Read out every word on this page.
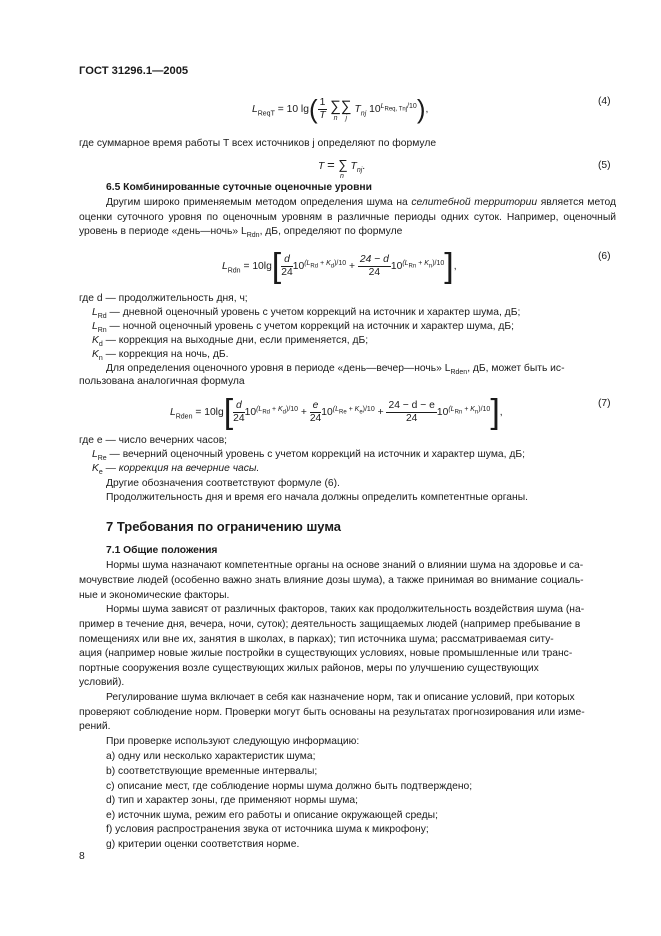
ГОСТ 31296.1—2005
$L_{ReqT} = 10$ $\lg( \frac{1}{T}$ ∑
n
∑
j
$T_{nj}$ $10^{L_{Req, Tnj}/10}$),
(4)
где суммарное время работы T всех источников j определяют по формуле
T = ∑ $T_{nj}$.
n
(5)
6.5 Комбинированные суточные оценочные уровни
Другим широко применяемым методом определения шума на селитебной территории является метод оценки суточного уровня по оценочным уровням в различные периоды одних суток. Например, оценочный уровень в периоде «день—ночь» $L_{Rdn}$, дБ, определяют по формуле
$L_{Rdn} = 10\lg[ \frac{d}{24} 10^{(L_{Rd} + K_d)/10} + \frac{24 - d}{24} 10^{(L_{Rn} + K_n)/10}]$,
(6)
где d — продолжительность дня, ч;
$L_{Rd}$ — дневной оценочный уровень с учетом коррекций на источник и характер шума, дБ;
$L_{Rn}$ — ночной оценочный уровень с учетом коррекций на источник и характер шума, дБ;
$K_d$ — коррекция на выходные дни, если применяется, дБ;
$K_n$ — коррекция на ночь, дБ.
Для определения оценочного уровня в периоде «день—вечер—ночь» $L_{Rden}$, дБ, может быть ис-
пользована аналогичная формула
$L_{Rden} = 10\lg[ \frac{d}{24} 10^{(L_{Rd} + K_d)/10} + \frac{e}{24} 10^{(L_{Re} + K_e)/10} + \frac{24 - d - e}{24} 10^{(L_{Rn} + K_n)/10}]$,
(7)
где e — число вечерних часов;
$L_{Re}$ — вечерний оценочный уровень с учетом коррекций на источник и характер шума, дБ;
$K_e$ — коррекция на вечерние часы.
Другие обозначения соответствуют формуле (6).
Продолжительность дня и время его начала должны определить компетентные органы.
7 Требования по ограничению шума
7.1 Общие положения
Нормы шума назначают компетентные органы на основе знаний о влиянии шума на здоровье и са-
мочувствие людей (особенно важно знать влияние дозы шума), а также принимая во внимание социаль-
ные и экономические факторы.
Нормы шума зависят от различных факторов, таких как продолжительность воздействия шума (на-
пример в течение дня, вечера, ночи, суток); деятельность защищаемых людей (например пребывание в
помещениях или вне их, занятия в школах, в парках); тип источника шума; рассматриваемая ситу-
ация (например новые жилые постройки в существующих условиях, новые промышленные или транс-
портные сооружения возле существующих жилых районов, меры по улучшению существующих
условий).
Регулирование шума включает в себя как назначение норм, так и описание условий, при которых
проверяют соблюдение норм. Проверки могут быть основаны на результатах прогнозирования или изме-
рений.
При проверке используют следующую информацию:
а) одну или несколько характеристик шума;
b) соответствующие временные интервалы;
c) описание мест, где соблюдение нормы шума должно быть подтверждено;
d) тип и характер зоны, где применяют нормы шума;
e) источник шума, режим его работы и описание окружающей среды;
f) условия распространения звука от источника шума к микрофону;
g) критерии оценки соответствия норме.
8
